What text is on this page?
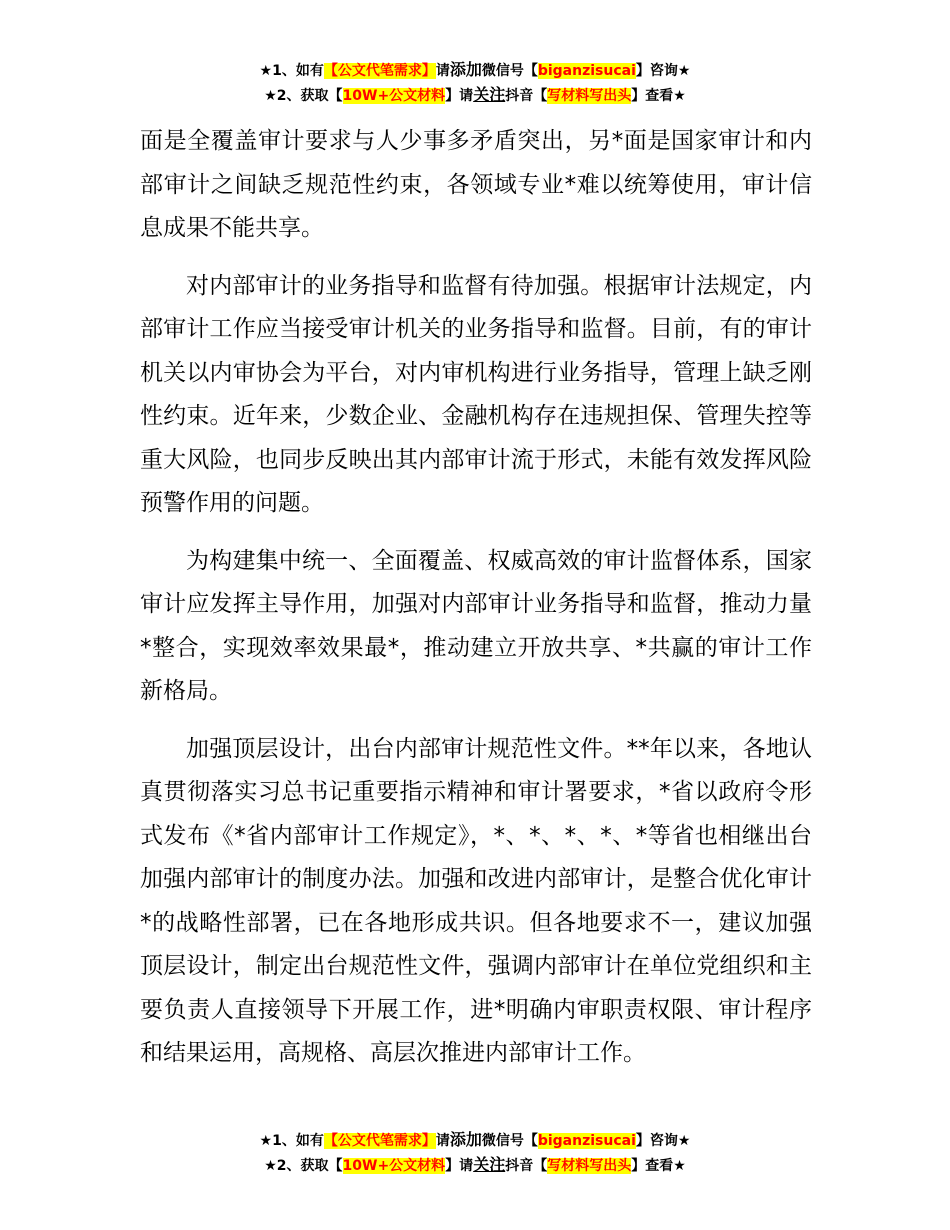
★1、如有【公文代笔需求】请添加微信号【biganzisucai】咨询★
★2、获取【10W+公文材料】请关注抖音【写材料写出头】查看★

面是全覆盖审计要求与人少事多矛盾突出，另*面是国家审计和内部审计之间缺乏规范性约束，各领域专业*难以统筹使用，审计信息成果不能共享。

对内部审计的业务指导和监督有待加强。根据审计法规定，内部审计工作应当接受审计机关的业务指导和监督。目前，有的审计机关以内审协会为平台，对内审机构进行业务指导，管理上缺乏刚性约束。近年来，少数企业、金融机构存在违规担保、管理失控等重大风险，也同步反映出其内部审计流于形式，未能有效发挥风险预警作用的问题。

为构建集中统一、全面覆盖、权威高效的审计监督体系，国家审计应发挥主导作用，加强对内部审计业务指导和监督，推动力量*整合，实现效率效果最*，推动建立开放共享、*共赢的审计工作新格局。

加强顶层设计，出台内部审计规范性文件。**年以来，各地认真贯彻落实习总书记重要指示精神和审计署要求，*省以政府令形式发布《*省内部审计工作规定》，*、*、*、*、*等省也相继出台加强内部审计的制度办法。加强和改进内部审计，是整合优化审计*的战略性部署，已在各地形成共识。但各地要求不一，建议加强顶层设计，制定出台规范性文件，强调内部审计在单位党组织和主要负责人直接领导下开展工作，进*明确内审职责权限、审计程序和结果运用，高规格、高层次推进内部审计工作。

★1、如有【公文代笔需求】请添加微信号【biganzisucai】咨询★
★2、获取【10W+公文材料】请关注抖音【写材料写出头】查看★
